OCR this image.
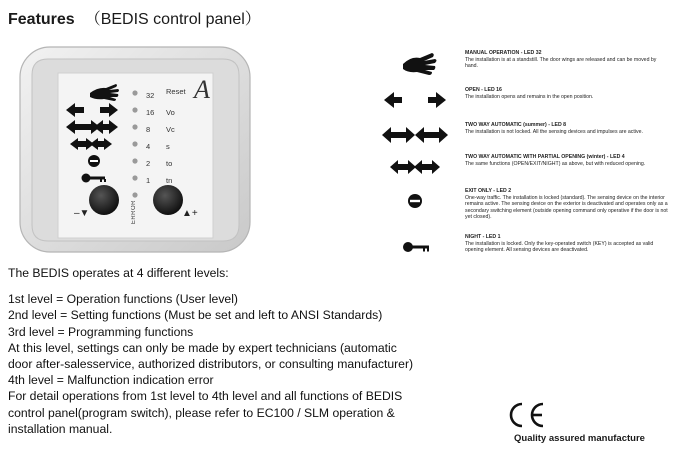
Features （BEDIS control panel）
A
Reset
32
16
8
4
2
1
Vo
Vc
s
to
tn
ERROR
–▼	▲+
MANUAL OPERATION - LED 32
The installation is at a standstill. The door wings are released and can be moved by hand.
OPEN - LED 16
The installation opens and remains in the open position.
TWO WAY AUTOMATIC (summer) - LED 8
The installation is not locked. All the sensing devices and impulses are active.
TWO WAY AUTOMATIC WITH PARTIAL OPENING (winter) - LED 4
The same functions (OPEN/EXIT/NIGHT) as above, but with reduced opening.
EXIT ONLY - LED 2
One-way traffic. The installation is locked (standard). The sensing device on the interior remains active. The sensing device on the exterior is deactivated and operates only as a secondary switching element (outside opening command only operative if the door is not yet closed).
NIGHT - LED 1
The installation is locked. Only the key-operated switch (KEY) is accepted as valid opening element. All sensing devices are deactivated.
The BEDIS operates at 4 different levels:
1st level = Operation functions (User level)
2nd level = Setting functions (Must be set and left to ANSI Standards)
3rd level = Programming functions
At this level, settings can only be made by expert technicians (automatic
door after-salesservice, authorized distributors, or consulting manufacturer)
4th level = Malfunction indication error
For detail operations from 1st level to 4th level and all functions of BEDIS
control panel(program switch), please refer to EC100 / SLM operation &
installation manual.
Quality assured manufacture
